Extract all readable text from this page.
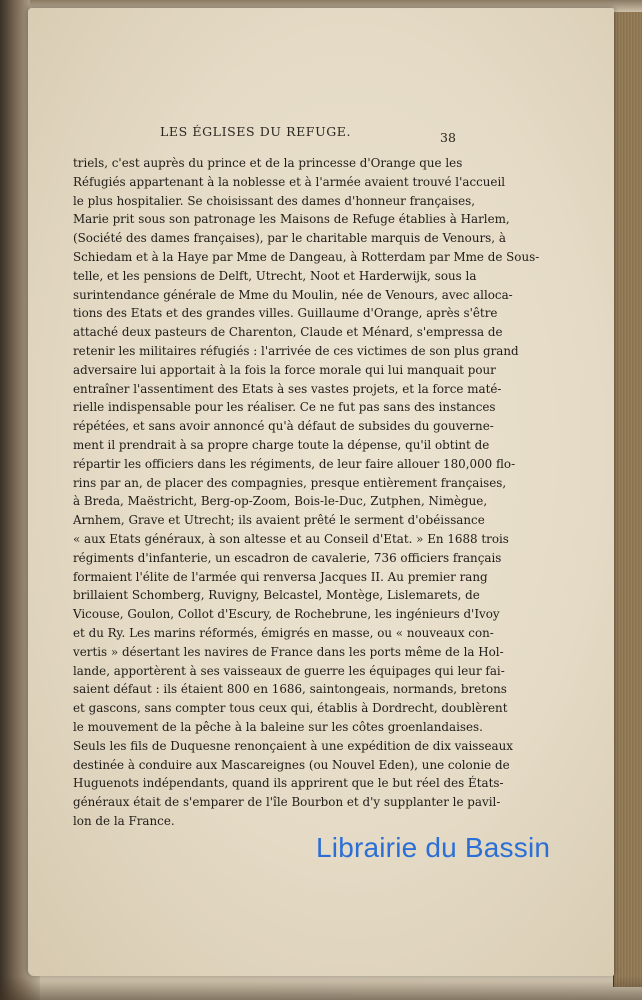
LES ÉGLISES DU REFUGE.	38
triels, c'est auprès du prince et de la princesse d'Orange que les
Réfugiés appartenant à la noblesse et à l'armée avaient trouvé l'accueil
le plus hospitalier. Se choisissant des dames d'honneur françaises,
Marie prit sous son patronage les Maisons de Refuge établies à Harlem,
(Société des dames françaises), par le charitable marquis de Venours, à
Schiedam et à la Haye par Mme de Dangeau, à Rotterdam par Mme de Sous-
telle, et les pensions de Delft, Utrecht, Noot et Harderwijk, sous la
surintendance générale de Mme du Moulin, née de Venours, avec alloca-
tions des Etats et des grandes villes. Guillaume d'Orange, après s'être
attaché deux pasteurs de Charenton, Claude et Ménard, s'empressa de
retenir les militaires réfugiés : l'arrivée de ces victimes de son plus grand
adversaire lui apportait à la fois la force morale qui lui manquait pour
entraîner l'assentiment des Etats à ses vastes projets, et la force maté-
rielle indispensable pour les réaliser. Ce ne fut pas sans des instances
répétées, et sans avoir annoncé qu'à défaut de subsides du gouverne-
ment il prendrait à sa propre charge toute la dépense, qu'il obtint de
répartir les officiers dans les régiments, de leur faire allouer 180,000 flo-
rins par an, de placer des compagnies, presque entièrement françaises,
à Breda, Maëstricht, Berg-op-Zoom, Bois-le-Duc, Zutphen, Nimègue,
Arnhem, Grave et Utrecht; ils avaient prêté le serment d'obéissance
« aux Etats généraux, à son altesse et au Conseil d'Etat. » En 1688 trois
régiments d'infanterie, un escadron de cavalerie, 736 officiers français
formaient l'élite de l'armée qui renversa Jacques II. Au premier rang
brillaient Schomberg, Ruvigny, Belcastel, Montège, Lislemarets, de
Vicouse, Goulon, Collot d'Escury, de Rochebrune, les ingénieurs d'Ivoy
et du Ry. Les marins réformés, émigrés en masse, ou « nouveaux con-
vertis » désertant les navires de France dans les ports même de la Hol-
lande, apportèrent à ses vaisseaux de guerre les équipages qui leur fai-
saient défaut : ils étaient 800 en 1686, saintongeais, normands, bretons
et gascons, sans compter tous ceux qui, établis à Dordrecht, doublèrent
le mouvement de la pêche à la baleine sur les côtes groenlandaises.
Seuls les fils de Duquesne renonçaient à une expédition de dix vaisseaux
destinée à conduire aux Mascareignes (ou Nouvel Eden), une colonie de
Huguenots indépendants, quand ils apprirent que le but réel des États-
généraux était de s'emparer de l'île Bourbon et d'y supplanter le pavil-
lon de la France.
Librairie du Bassin
